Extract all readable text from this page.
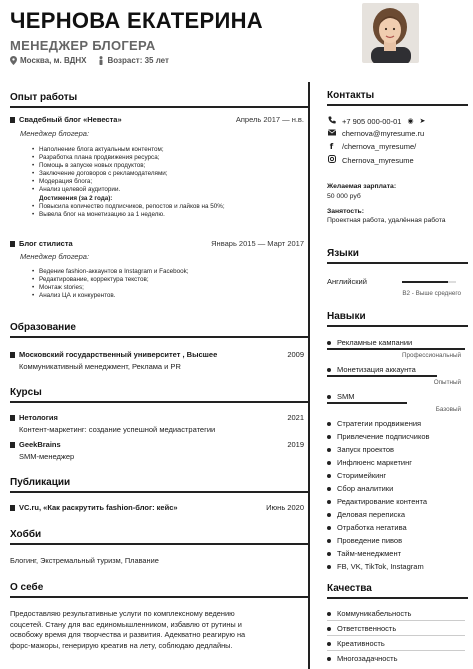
ЧЕРНОВА ЕКАТЕРИНА
МЕНЕДЖЕР БЛОГЕРА
Москва, м. ВДНХ	Возраст: 35 лет
Опыт работы
Свадебный блог «Невеста»	Апрель 2017 — н.в.
Менеджер блогера:
• Наполнение блога актуальным контентом;
• Разработка плана продвижения ресурса;
• Помощь в запуске новых продуктов;
• Заключение договоров с рекламодателями;
• Модерация блога;
• Анализ целевой аудитории.
Достижения (за 2 года):
• Повысила количество подписчиков, репостов и лайков на 50%;
• Вывела блог на монетизацию за 1 неделю.
Блог стилиста	Январь 2015 — Март 2017
Менеджер блогера:
• Ведение fashion-аккаунтов в Instagram и Facebook;
• Редактирование, корректура текстов;
• Монтаж stories;
• Анализ ЦА и конкурентов.
Образование
Московский государственный университет , Высшее	2009
Коммуникативный менеджмент, Реклама и PR
Курсы
Нетология	2021
Контент-маркетинг: создание успешной медиастратегии
GeekBrains	2019
SMM-менеджер
Публикации
VC.ru, «Как раскрутить fashion-блог: кейс»	Июнь 2020
Хобби
Блогинг, Экстремальный туризм, Плавание
О себе
Предоставляю результативные услуги по комплексному ведению
соцсетей. Стану для вас единомышленником, избавлю от рутины и
освобожу время для творчества и развития. Адекватно реагирую на
форс-мажоры, генерирую креатив на лету, соблюдаю дедлайны.
Контакты
+7 905 000-00-01 ◉ ➤
chernova@myresume.ru
f	/chernova_myresume/
Chernova_myresume
Желаемая зарплата:
50 000 руб
Занятость:
Проектная работа, удалённая работа
Языки
Английский
B2 - Выше среднего
Навыки
Рекламные кампании
Профессиональный
Монетизация аккаунта
Опытный
SMM
Базовый
Стратегии продвижения
Привлечение подписчиков
Запуск проектов
Инфлюенс маркетинг
Сторимейкинг
Сбор аналитики
Редактирование контента
Деловая переписка
Отработка негатива
Проведение пивов
Тайм-менеджмент
FB, VK, TikTok, Instagram
Качества
Коммуникабельность
Ответственность
Креативность
Многозадачность
